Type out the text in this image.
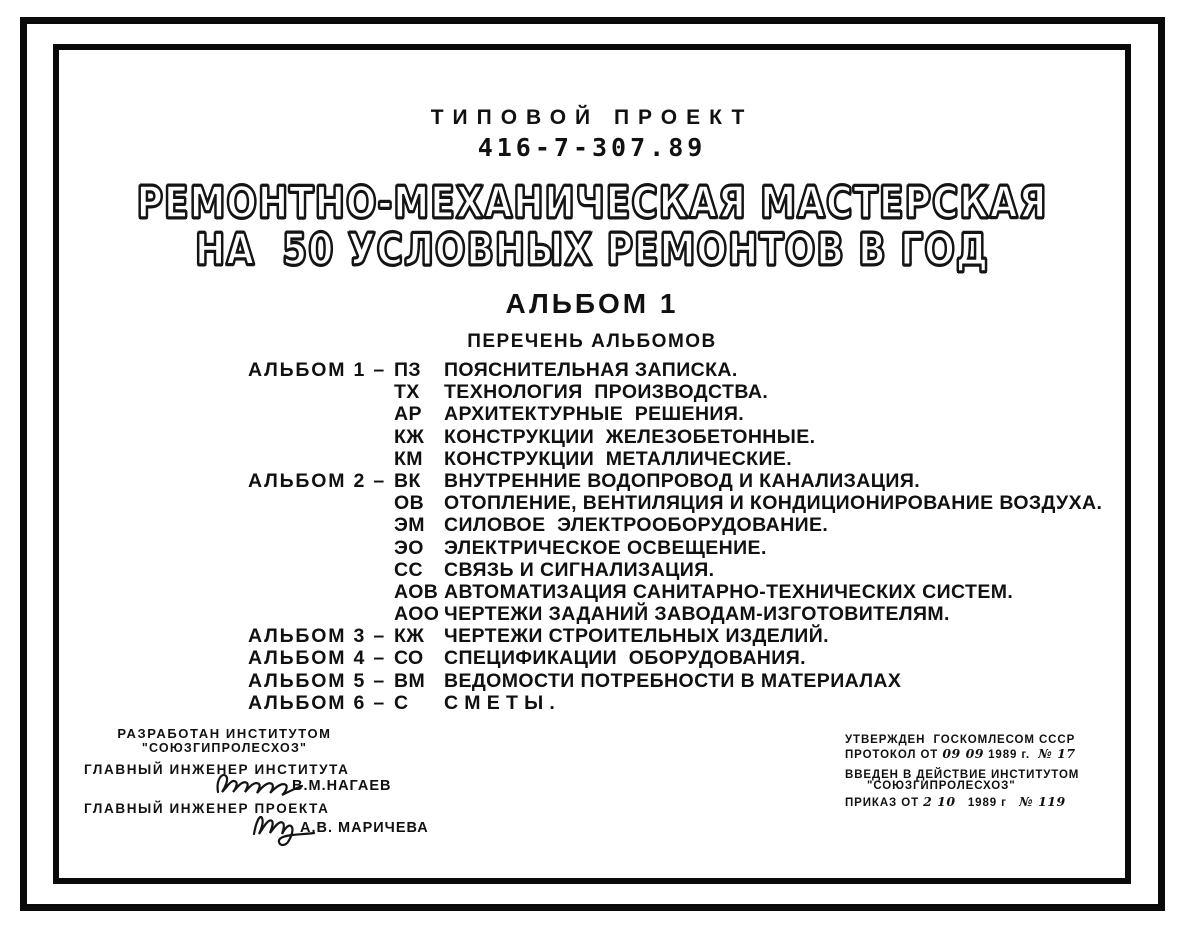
ТИПОВОЙ ПРОЕКТ
416-7-307.89
РЕМОНТНО-МЕХАНИЧЕСКАЯ МАСТЕРСКАЯ
НА  50 УСЛОВНЫХ РЕМОНТОВ В ГОД
АЛЬБОМ 1
ПЕРЕЧЕНЬ АЛЬБОМОВ
АЛЬБОМ 1 – ПЗ	ПОЯСНИТЕЛЬНАЯ ЗАПИСКА.
ТХ	ТЕХНОЛОГИЯ  ПРОИЗВОДСТВА.
АР	АРХИТЕКТУРНЫЕ  РЕШЕНИЯ.
КЖ	КОНСТРУКЦИИ  ЖЕЛЕЗОБЕТОННЫЕ.
КМ	КОНСТРУКЦИИ  МЕТАЛЛИЧЕСКИЕ.
АЛЬБОМ 2 – ВК	ВНУТРЕННИЕ ВОДОПРОВОД И КАНАЛИЗАЦИЯ.
ОВ	ОТОПЛЕНИЕ, ВЕНТИЛЯЦИЯ И КОНДИЦИОНИРОВАНИЕ ВОЗДУХА.
ЭМ СИЛОВОЕ  ЭЛЕКТРООБОРУДОВАНИЕ.
ЭО	ЭЛЕКТРИЧЕСКОЕ ОСВЕЩЕНИЕ.
СС	СВЯЗЬ И СИГНАЛИЗАЦИЯ.
АОВ АВТОМАТИЗАЦИЯ САНИТАРНО-ТЕХНИЧЕСКИХ СИСТЕМ.
АОО ЧЕРТЕЖИ ЗАДАНИЙ ЗАВОДАМ-ИЗГОТОВИТЕЛЯМ.
АЛЬБОМ 3 – КЖ	ЧЕРТЕЖИ СТРОИТЕЛЬНЫХ ИЗДЕЛИЙ.
АЛЬБОМ 4 – СО	СПЕЦИФИКАЦИИ  ОБОРУДОВАНИЯ.
АЛЬБОМ 5 – ВМ ВЕДОМОСТИ ПОТРЕБНОСТИ В МАТЕРИАЛАХ
АЛЬБОМ 6 – С	С М Е Т Ы .
РАЗРАБОТАН ИНСТИТУТОМ
"СОЮЗГИПРОЛЕСХОЗ"
ГЛАВНЫЙ ИНЖЕНЕР ИНСТИТУТА
В.М.НАГАЕВ
ГЛАВНЫЙ ИНЖЕНЕР ПРОЕКТА
А.В. МАРИЧЕВА
УТВЕРЖДЕН  ГОСКОМЛЕСОМ СССР
ПРОТОКОЛ ОТ 09 09 1989 г. № 17
ВВЕДЕН В ДЕЙСТВИЕ ИНСТИТУТОМ
"СОЮЗГИПРОЛЕСХОЗ"
ПРИКАЗ ОТ 2 10 1989 г № 119
